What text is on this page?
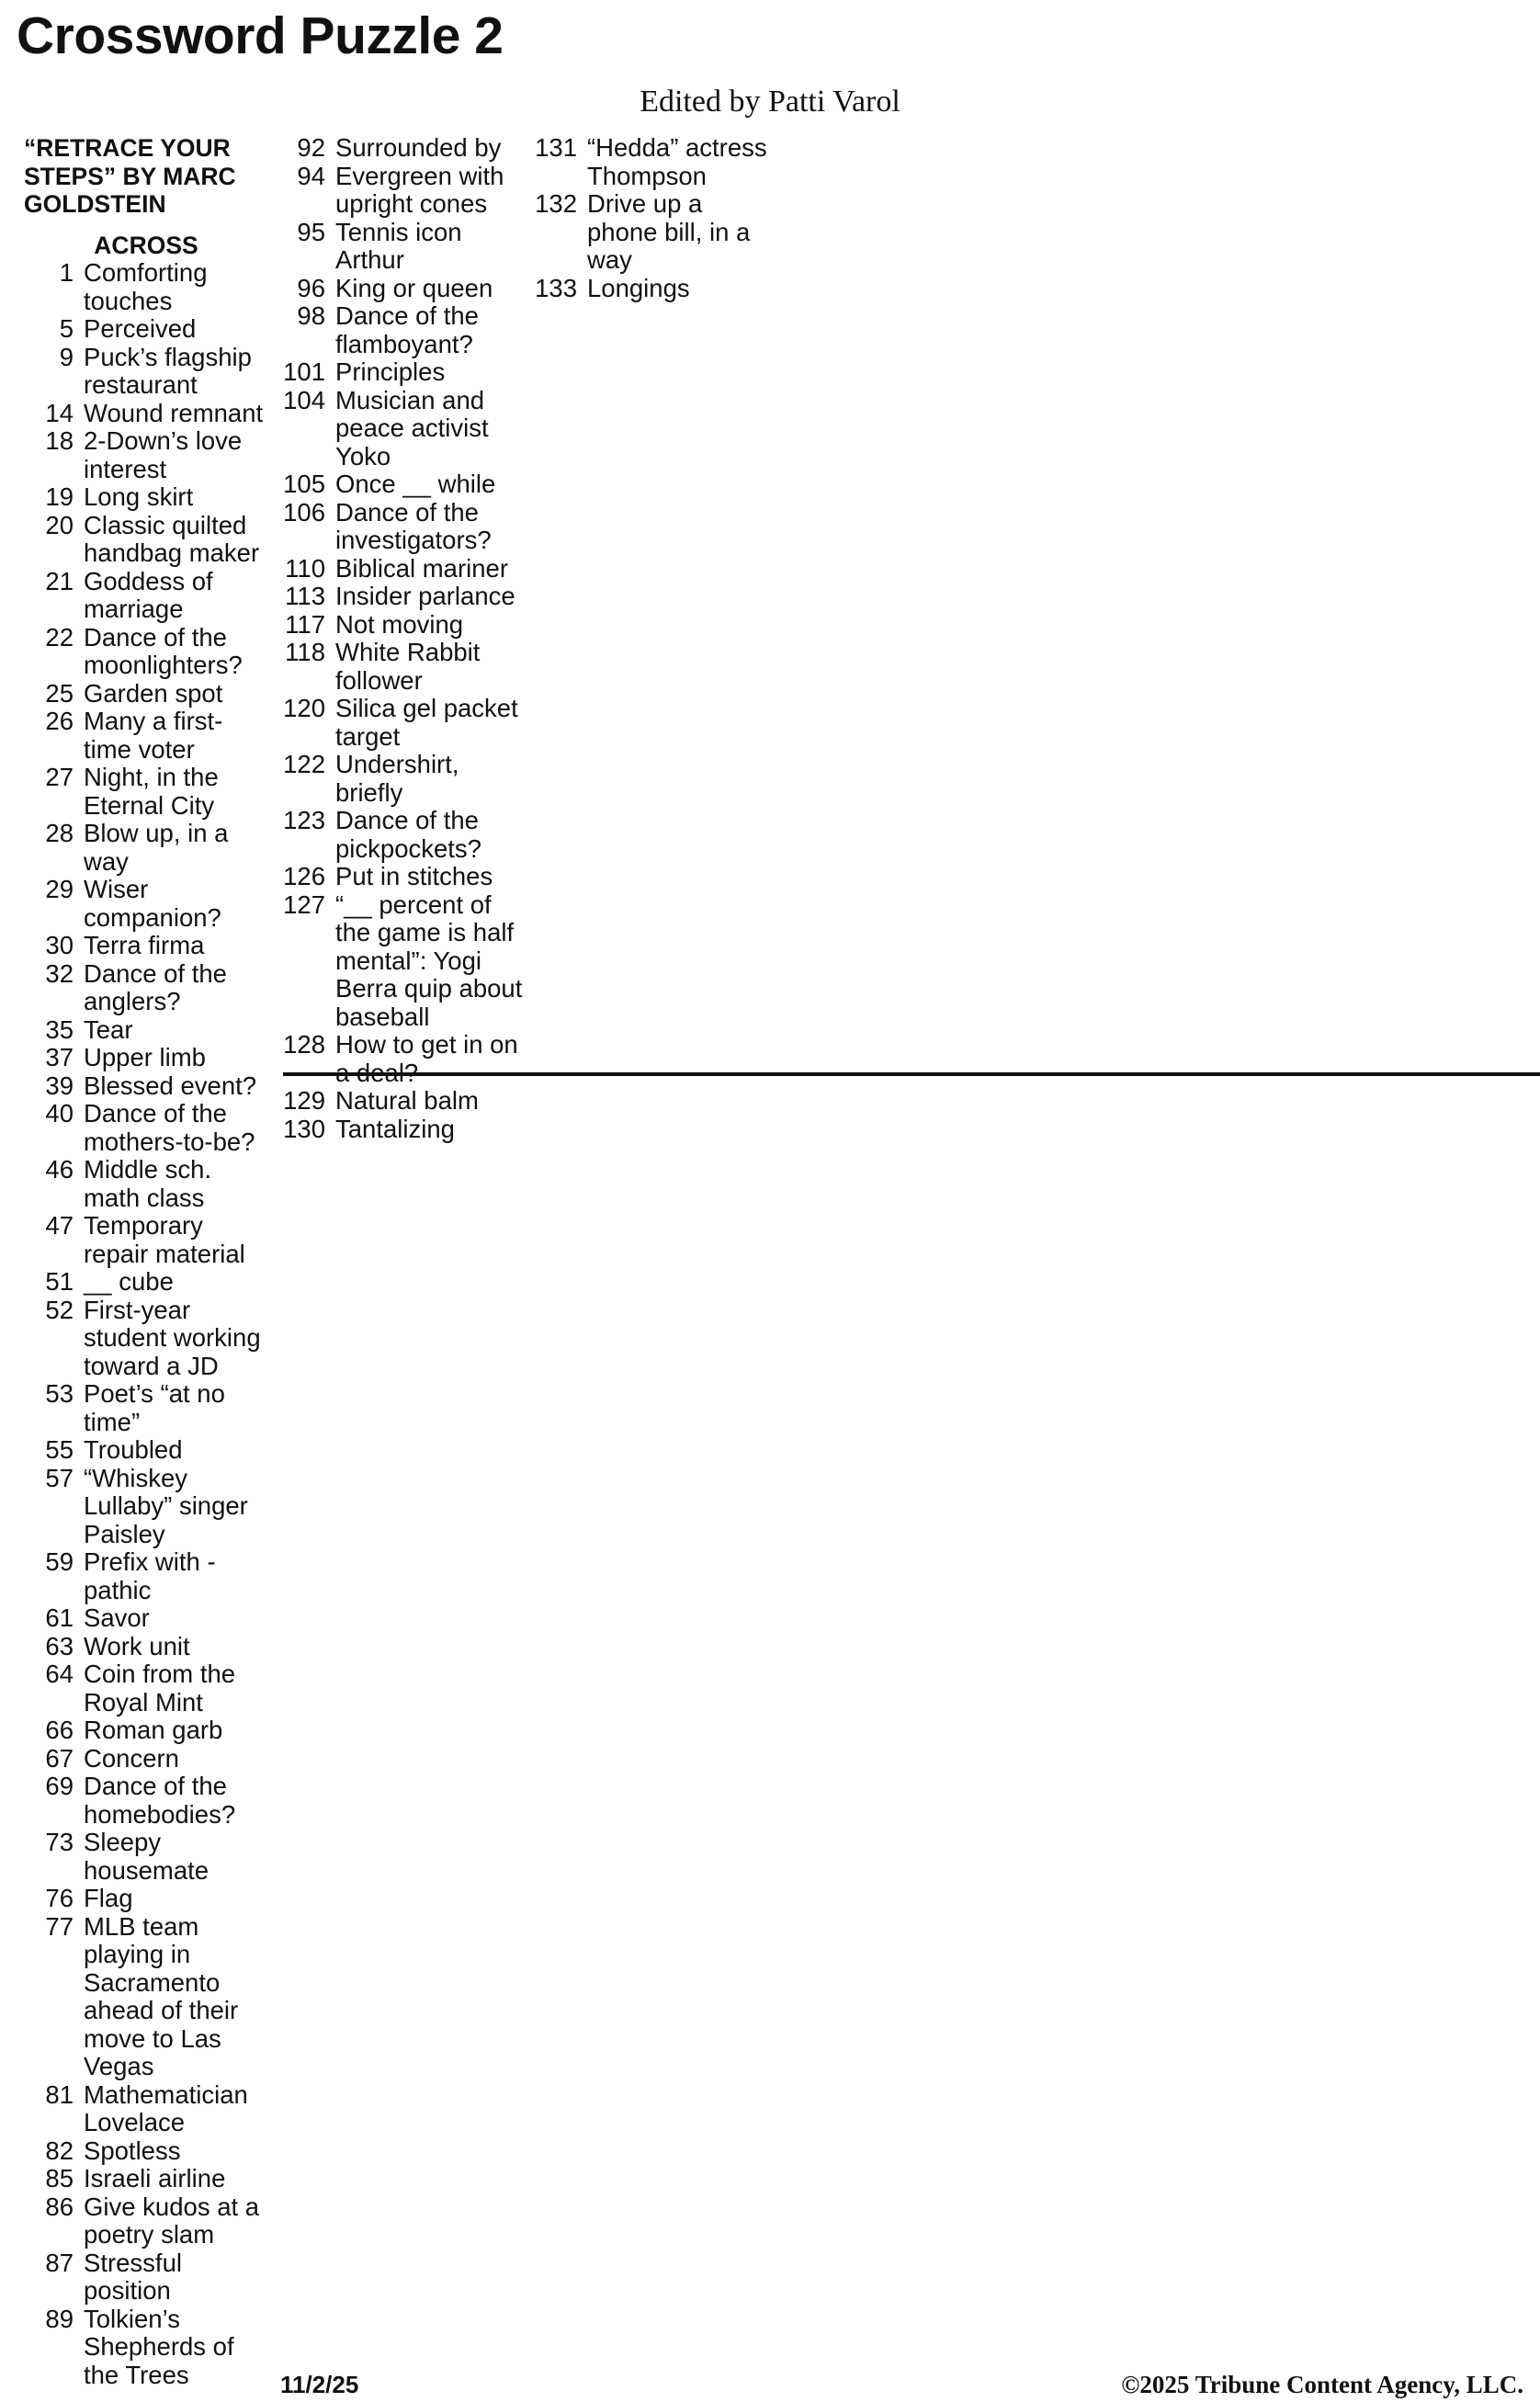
Crossword Puzzle 2
Edited by Patti Varol
“RETRACE YOUR STEPS” BY MARC GOLDSTEIN
ACROSS
1 Comforting touches
5 Perceived
9 Puck’s flagship restaurant
14 Wound remnant
18 2-Down’s love interest
19 Long skirt
20 Classic quilted handbag maker
21 Goddess of marriage
22 Dance of the moonlighters?
25 Garden spot
26 Many a first-time voter
27 Night, in the Eternal City
28 Blow up, in a way
29 Wiser companion?
30 Terra firma
32 Dance of the anglers?
35 Tear
37 Upper limb
39 Blessed event?
40 Dance of the mothers-to-be?
46 Middle sch. math class
47 Temporary repair material
51 __ cube
52 First-year student working toward a JD
53 Poet’s “at no time”
55 Troubled
57 “Whiskey Lullaby” singer Paisley
59 Prefix with -pathic
61 Savor
63 Work unit
64 Coin from the Royal Mint
66 Roman garb
67 Concern
69 Dance of the homebodies?
73 Sleepy housemate
76 Flag
77 MLB team playing in Sacramento ahead of their move to Las Vegas
81 Mathematician Lovelace
82 Spotless
85 Israeli airline
86 Give kudos at a poetry slam
87 Stressful position
89 Tolkien’s Shepherds of the Trees
92 Surrounded by
94 Evergreen with upright cones
95 Tennis icon Arthur
96 King or queen
98 Dance of the flamboyant?
101 Principles
104 Musician and peace activist Yoko
105 Once __ while
106 Dance of the investigators?
110 Biblical mariner
113 Insider parlance
117 Not moving
118 White Rabbit follower
120 Silica gel packet target
122 Undershirt, briefly
123 Dance of the pickpockets?
126 Put in stitches
127 “__ percent of the game is half mental”: Yogi Berra quip about baseball
128 How to get in on a deal?
129 Natural balm
130 Tantalizing
131 “Hedda” actress Thompson
132 Drive up a phone bill, in a way
133 Longings
11/2/25	©2025 Tribune Content Agency, LLC.
